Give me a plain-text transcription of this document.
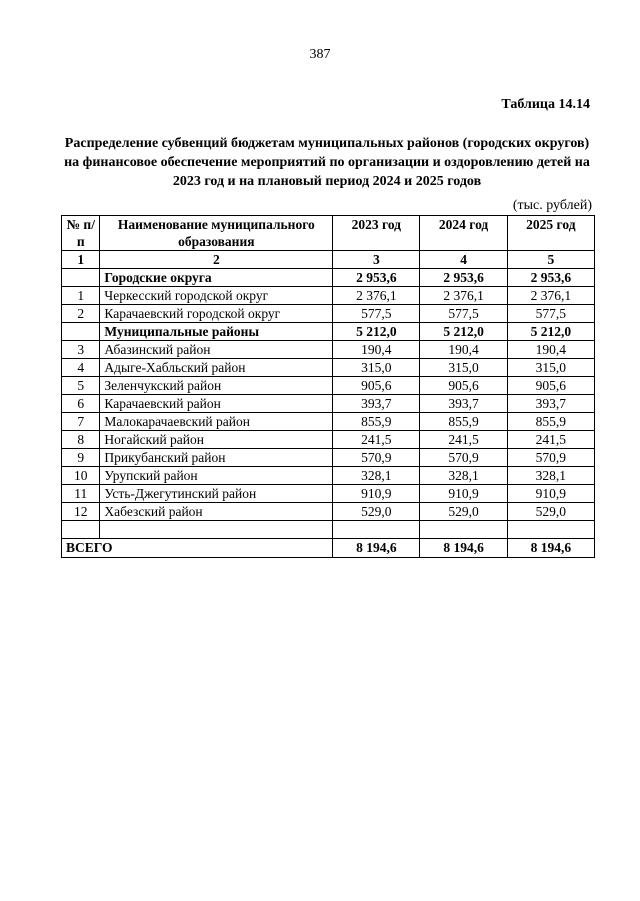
387
Таблица 14.14
Распределение субвенций бюджетам муниципальных районов (городских округов) на финансовое обеспечение мероприятий по организации и оздоровлению детей на 2023 год и на плановый период 2024 и 2025 годов
(тыс. рублей)
№ п/п	Наименование муниципального образования	2023 год	2024 год	2025 год
1	2	3	4	5
	Городские округа	2 953,6	2 953,6	2 953,6
1	Черкесский городской округ	2 376,1	2 376,1	2 376,1
2	Карачаевский городской округ	577,5	577,5	577,5
	Муниципальные районы	5 212,0	5 212,0	5 212,0
3	Абазинский район	190,4	190,4	190,4
4	Адыге-Хабльский район	315,0	315,0	315,0
5	Зеленчукский район	905,6	905,6	905,6
6	Карачаевский район	393,7	393,7	393,7
7	Малокарачаевский район	855,9	855,9	855,9
8	Ногайский район	241,5	241,5	241,5
9	Прикубанский район	570,9	570,9	570,9
10	Урупский район	328,1	328,1	328,1
11	Усть-Джегутинский район	910,9	910,9	910,9
12	Хабезский район	529,0	529,0	529,0

ВСЕГО		8 194,6	8 194,6	8 194,6
